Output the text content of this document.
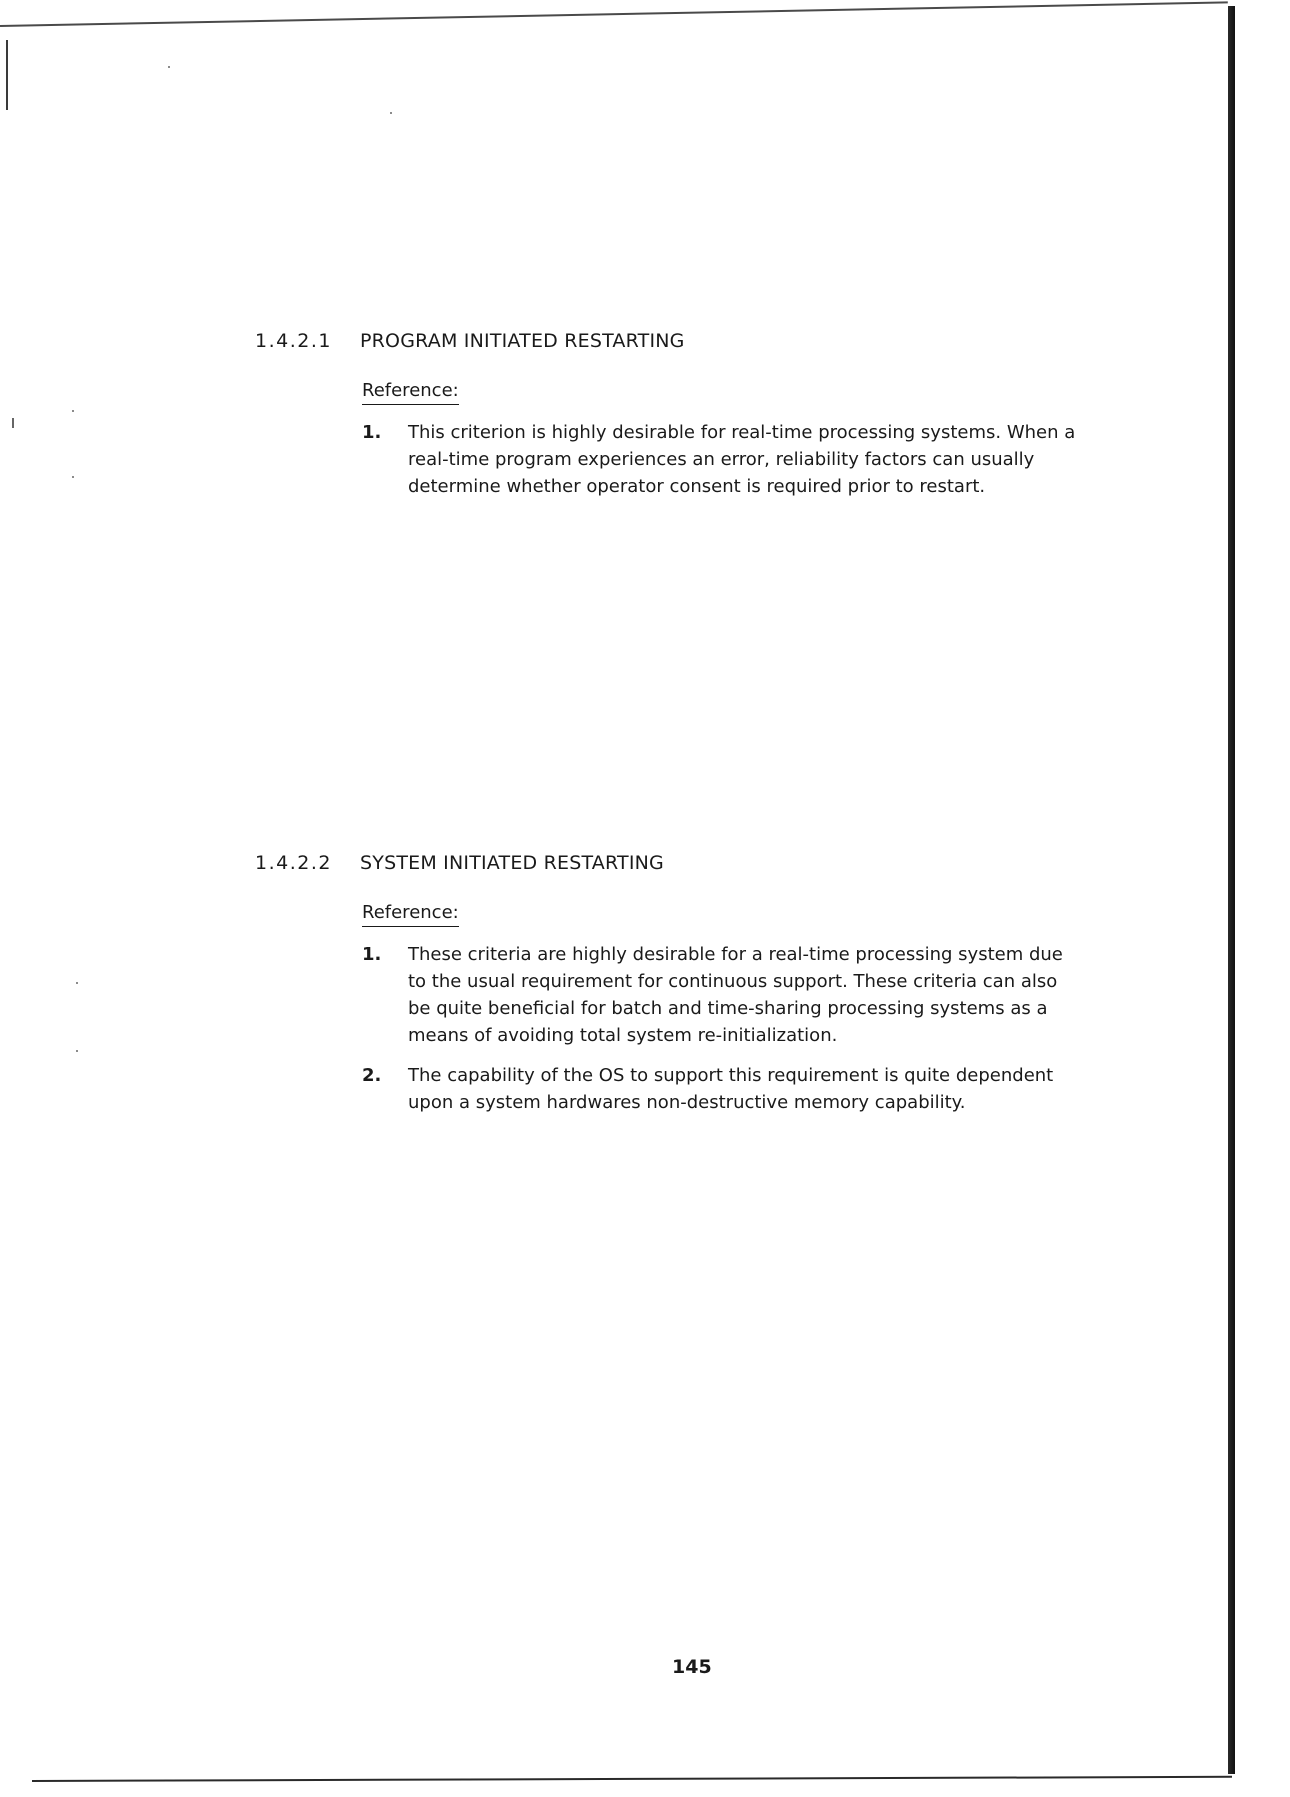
1.4.2.1	PROGRAM INITIATED RESTARTING
Reference:
1.	This criterion is highly desirable for real-time processing systems. When a real-time program experiences an error, reliability factors can usually determine whether operator consent is required prior to restart.
1.4.2.2	SYSTEM INITIATED RESTARTING
Reference:
1.	These criteria are highly desirable for a real-time processing system due to the usual requirement for continuous support. These criteria can also be quite beneficial for batch and time-sharing processing systems as a means of avoiding total system re-initialization.
2.	The capability of the OS to support this requirement is quite dependent upon a system hardwares non-destructive memory capability.
145
